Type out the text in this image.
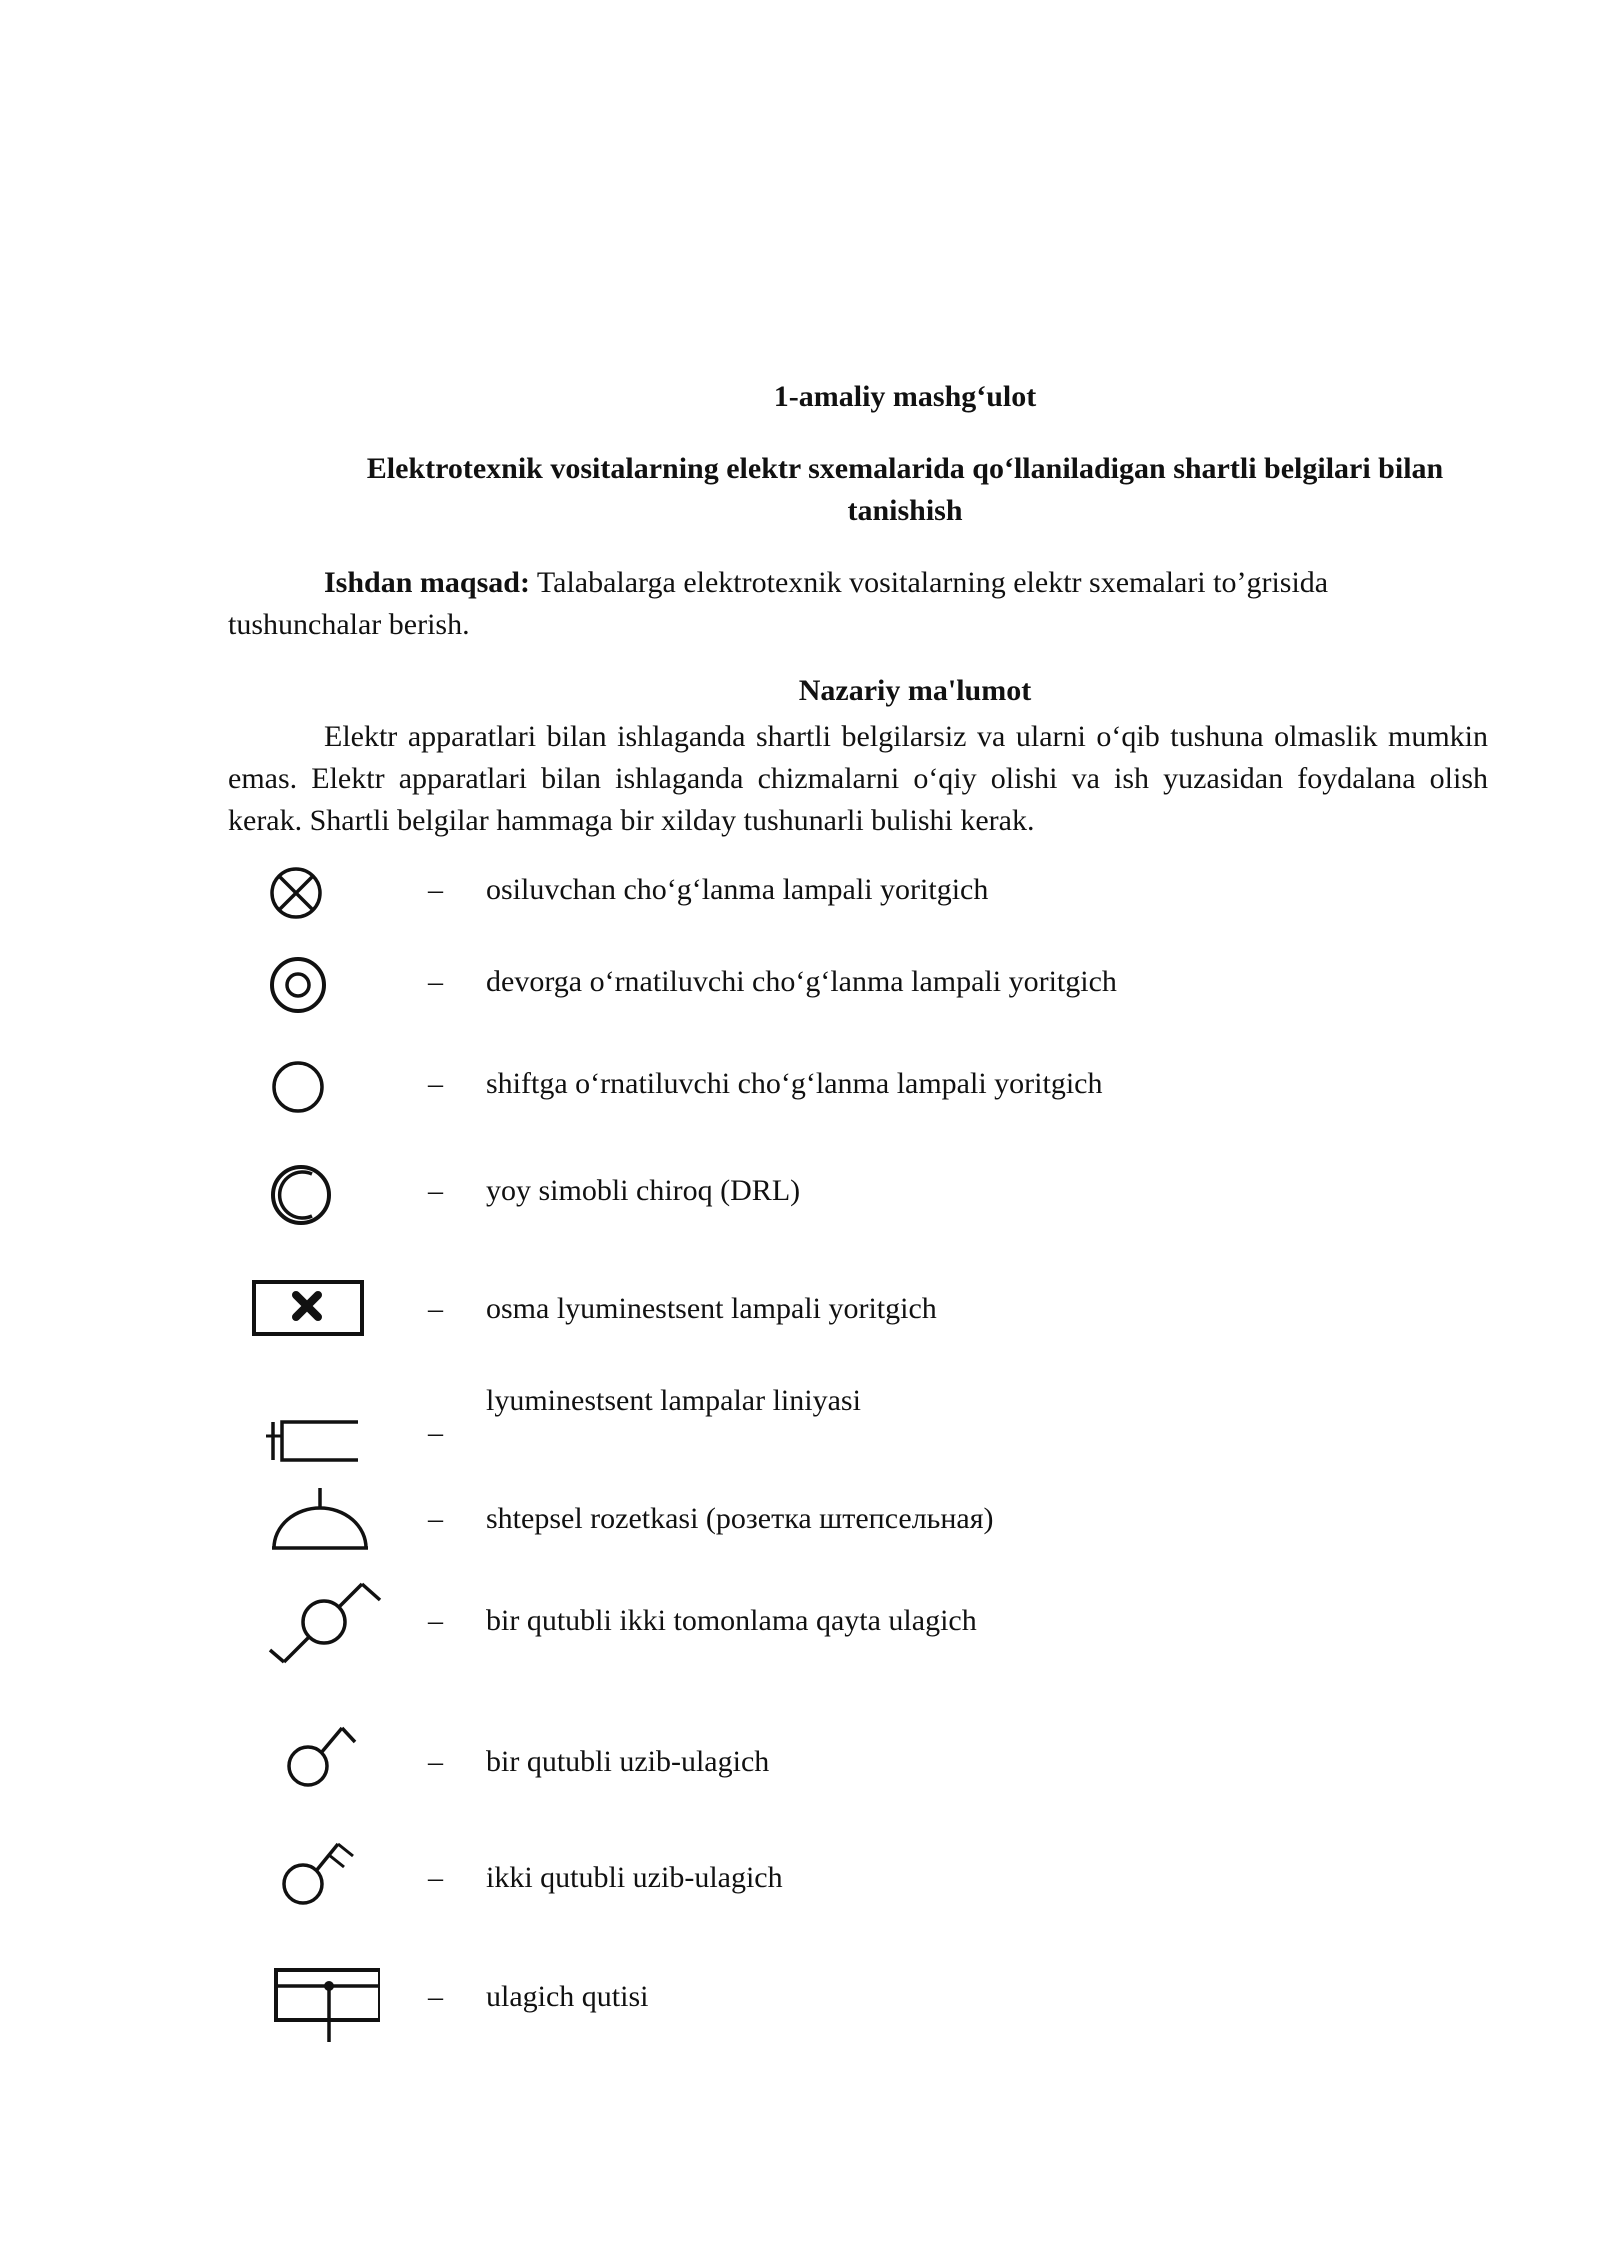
1-amaliy mashg‘ulot
Elektrotexnik vositalarning elektr sxemalarida qo‘llaniladigan shartli belgilari bilan tanishish
Ishdan maqsad: Talabalarga elektrotexnik vositalarning elektr sxemalari to’grisida tushunchalar berish.
Nazariy ma'lumot
Elektr apparatlari bilan ishlaganda shartli belgilarsiz va ularni o‘qib tushuna olmaslik mumkin emas. Elektr apparatlari bilan ishlaganda chizmalarni o‘qiy olishi va ish yuzasidan foydalana olish kerak. Shartli belgilar hammaga bir xilday tushunarli bulishi kerak.
– osiluvchan cho‘g‘lanma lampali yoritgich
– devorga o‘rnatiluvchi cho‘g‘lanma lampali yoritgich
– shiftga o‘rnatiluvchi cho‘g‘lanma lampali yoritgich
– yoy simobli chiroq (DRL)
– osma lyuminestsent lampali yoritgich
–
lyuminestsent lampalar liniyasi
– shtepsel rozetkasi (розетка штепсельная)
– bir qutubli ikki tomonlama qayta ulagich
– bir qutubli uzib-ulagich
– ikki qutubli uzib-ulagich
– ulagich qutisi
